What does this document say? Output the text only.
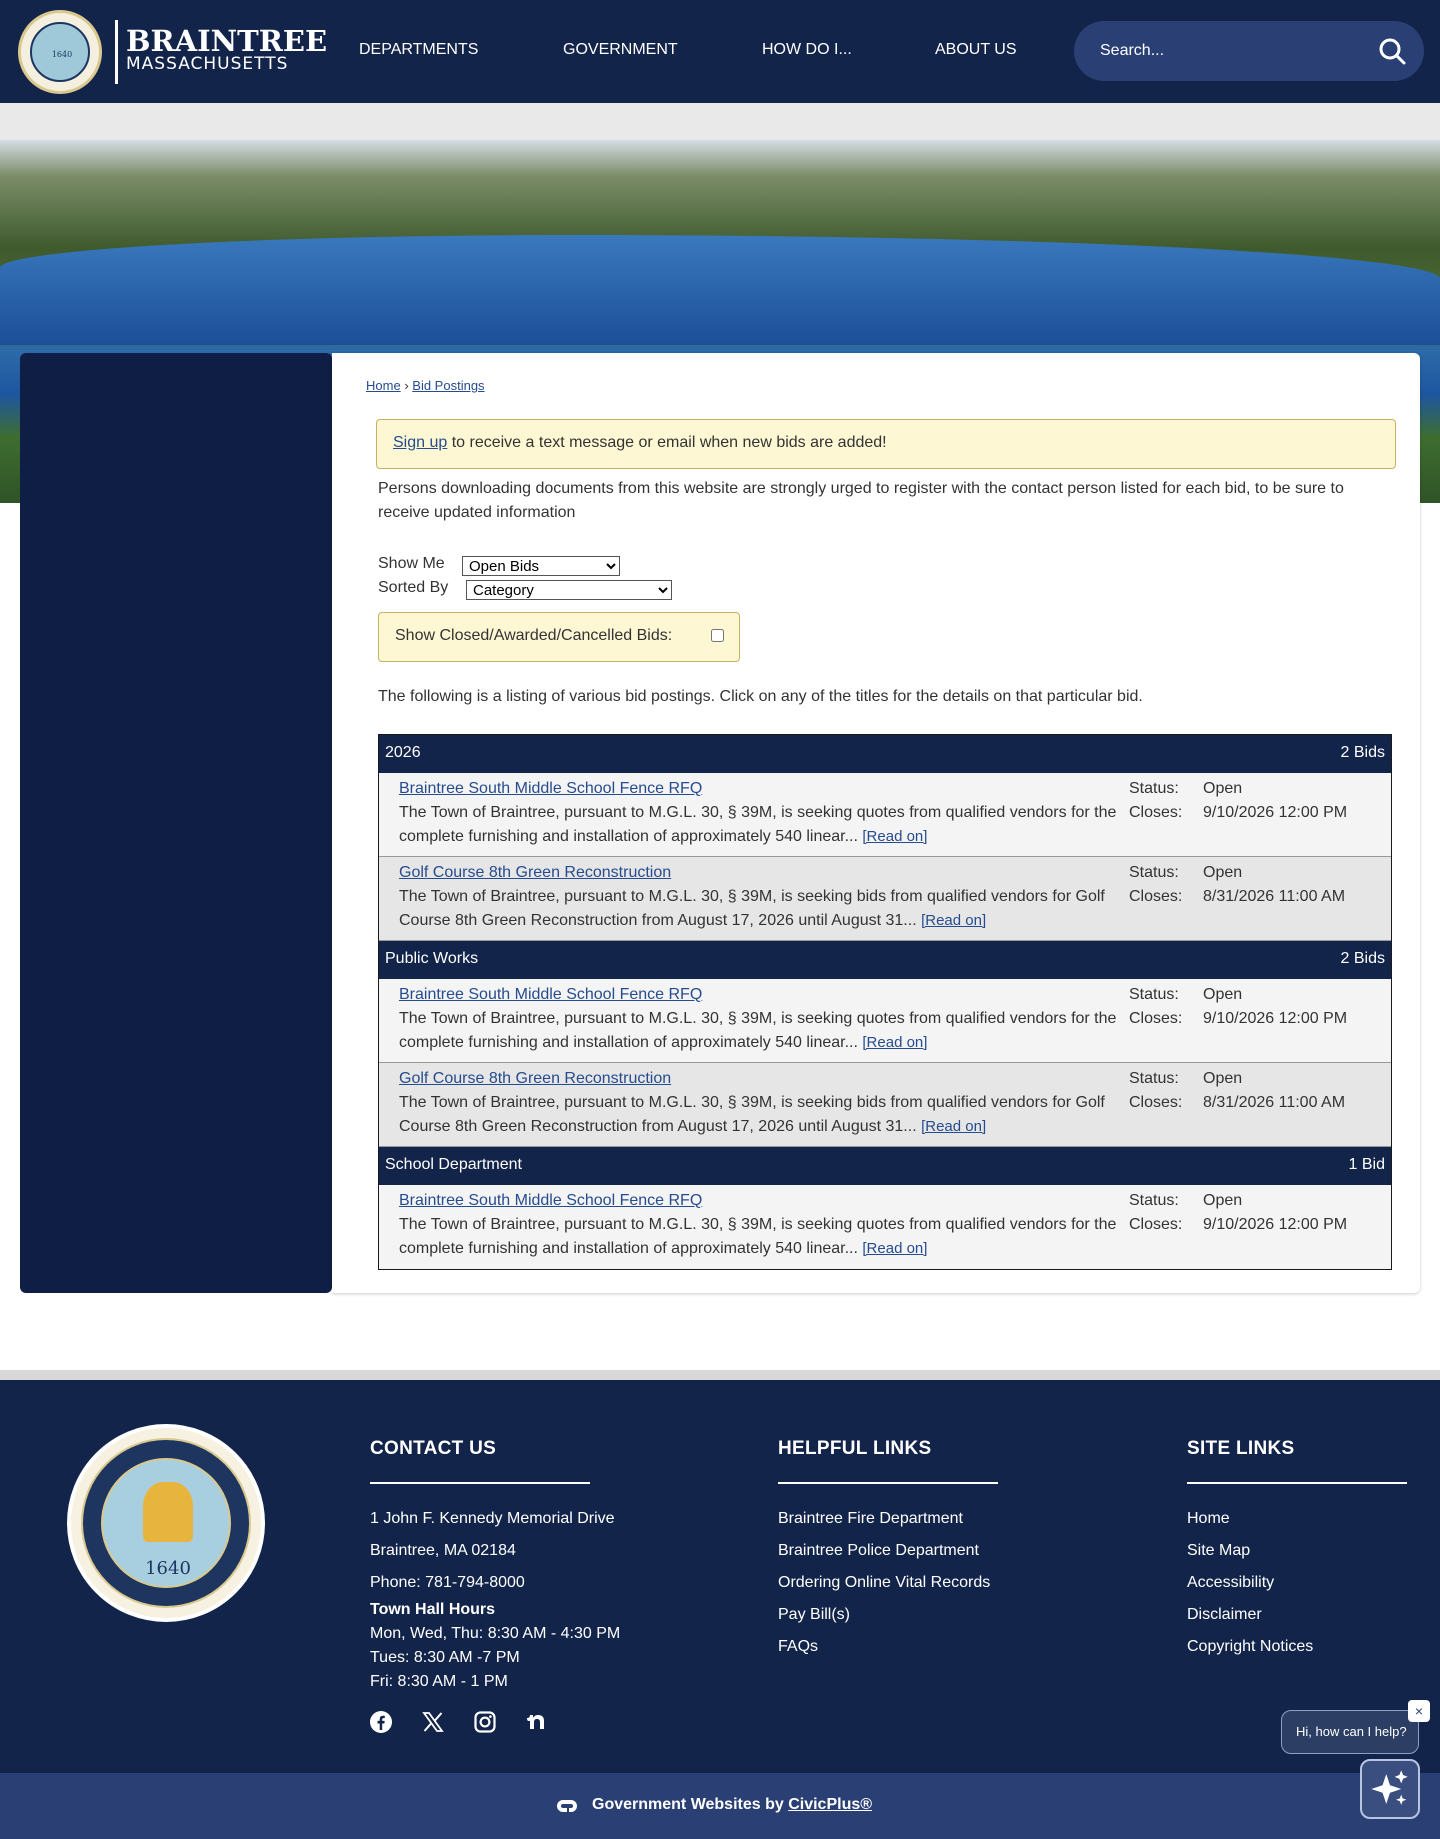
1640	BRAINTREE
MASSACHUSETTS
DEPARTMENTS	GOVERNMENT	HOW DO I...	ABOUT US
Search...
Home › Bid Postings
Sign up to receive a text message or email when new bids are added!
Persons downloading documents from this website are strongly urged to register with the contact person listed for each bid, to be sure to receive updated information
Show Me
Open Bids
Sorted By
Category
Show Closed/Awarded/Cancelled Bids:
The following is a listing of various bid postings. Click on any of the titles for the details on that particular bid.
2026	2 Bids
Braintree South Middle School Fence RFQ
The Town of Braintree, pursuant to M.G.L. 30, § 39M, is seeking quotes from qualified vendors for the complete furnishing and installation of approximately 540 linear... [Read on]
Status: Open
Closes: 9/10/2026 12:00 PM
Golf Course 8th Green Reconstruction
The Town of Braintree, pursuant to M.G.L. 30, § 39M, is seeking bids from qualified vendors for Golf Course 8th Green Reconstruction from August 17, 2026 until August 31... [Read on]
Status: Open
Closes: 8/31/2026 11:00 AM
Public Works	2 Bids
Braintree South Middle School Fence RFQ
The Town of Braintree, pursuant to M.G.L. 30, § 39M, is seeking quotes from qualified vendors for the complete furnishing and installation of approximately 540 linear... [Read on]
Status: Open
Closes: 9/10/2026 12:00 PM
Golf Course 8th Green Reconstruction
The Town of Braintree, pursuant to M.G.L. 30, § 39M, is seeking bids from qualified vendors for Golf Course 8th Green Reconstruction from August 17, 2026 until August 31... [Read on]
Status: Open
Closes: 8/31/2026 11:00 AM
School Department	1 Bid
Braintree South Middle School Fence RFQ
The Town of Braintree, pursuant to M.G.L. 30, § 39M, is seeking quotes from qualified vendors for the complete furnishing and installation of approximately 540 linear... [Read on]
Status: Open
Closes: 9/10/2026 12:00 PM
1640
CONTACT US
1 John F. Kennedy Memorial Drive
Braintree, MA 02184
Phone: 781-794-8000
Town Hall Hours
Mon, Wed, Thu: 8:30 AM - 4:30 PM
Tues: 8:30 AM -7 PM
Fri: 8:30 AM - 1 PM
HELPFUL LINKS
Braintree Fire Department
Braintree Police Department
Ordering Online Vital Records
Pay Bill(s)
FAQs
SITE LINKS
Home
Site Map
Accessibility
Disclaimer
Copyright Notices
Government Websites by CivicPlus®
Hi, how can I help?
×
